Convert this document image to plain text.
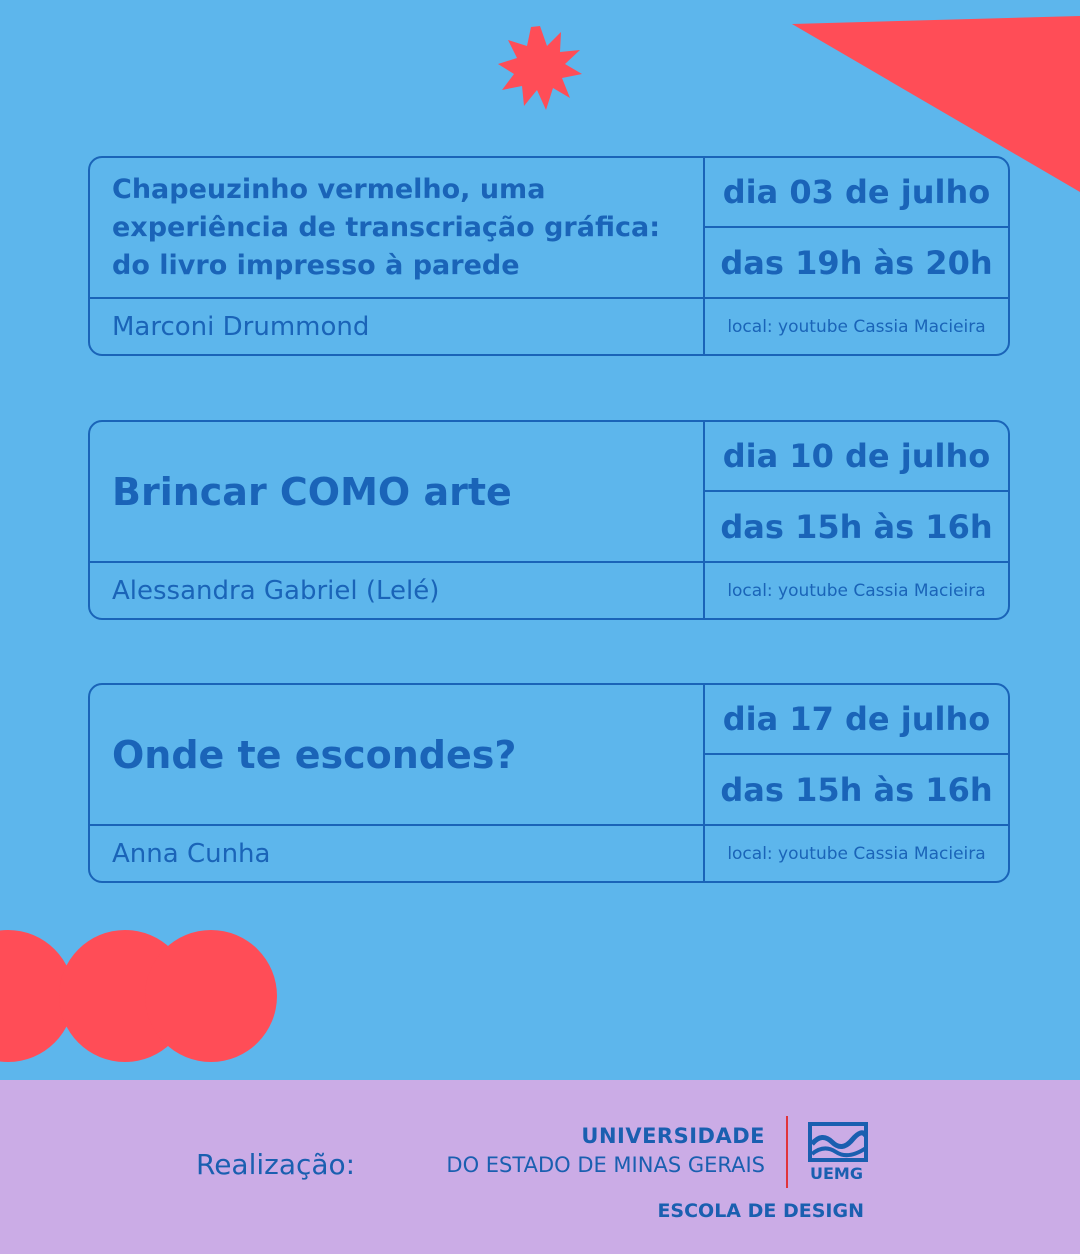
Chapeuzinho vermelho, uma experiência de transcriação gráfica: do livro impresso à parede
Marconi Drummond
dia 03 de julho
das 19h às 20h
local: youtube Cassia Macieira
Brincar COMO arte
Alessandra Gabriel (Lelé)
dia 10 de julho
das 15h às 16h
local: youtube Cassia Macieira
Onde te escondes?
Anna Cunha
dia 17 de julho
das 15h às 16h
local: youtube Cassia Macieira
Realização:
UNIVERSIDADE
DO ESTADO DE MINAS GERAIS	UEMG
ESCOLA DE DESIGN
